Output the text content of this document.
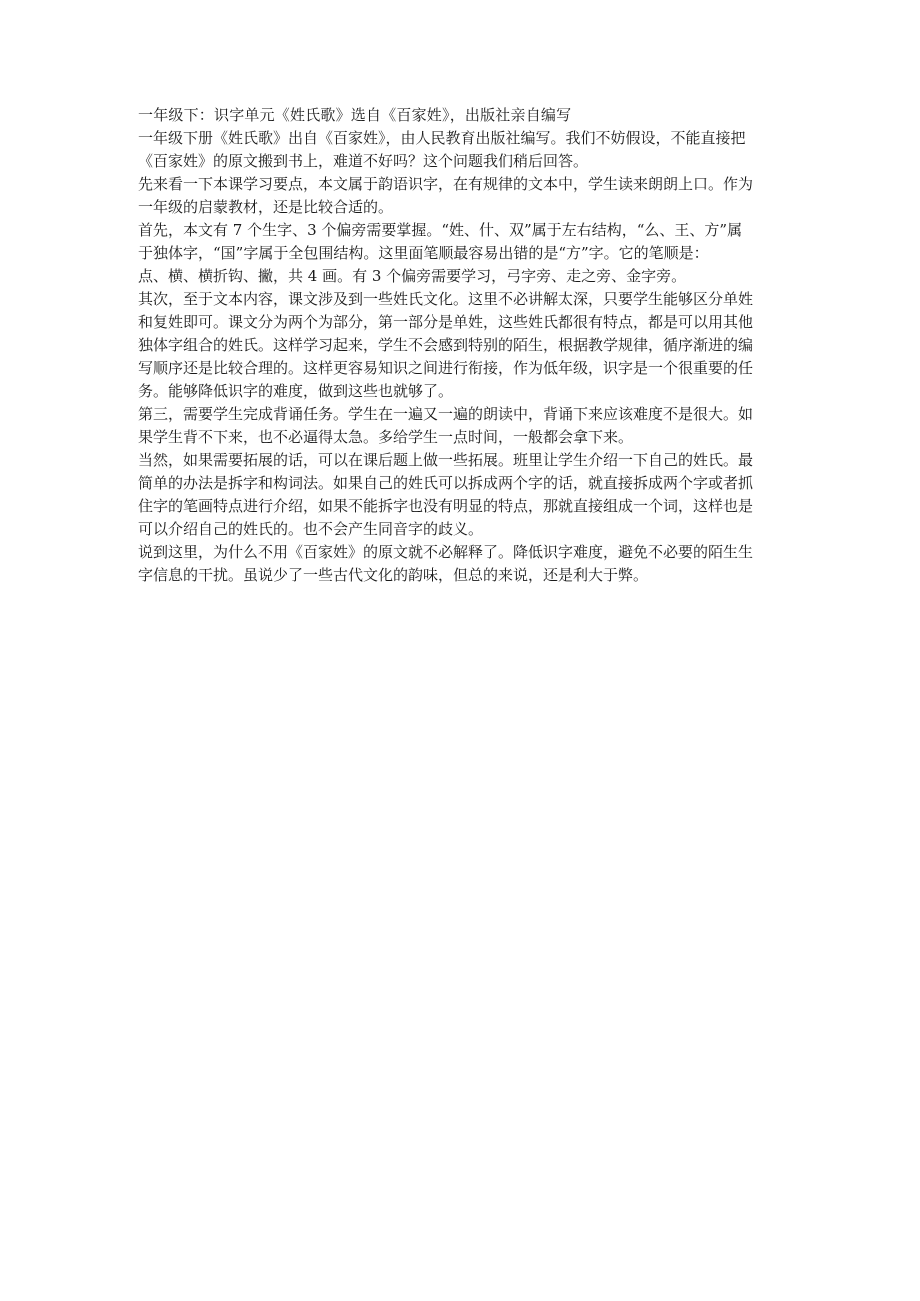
一年级下：识字单元《姓氏歌》选自《百家姓》，出版社亲自编写
一年级下册《姓氏歌》出自《百家姓》，由人民教育出版社编写。我们不妨假设，不能直接把
《百家姓》的原文搬到书上，难道不好吗？这个问题我们稍后回答。
先来看一下本课学习要点，本文属于韵语识字，在有规律的文本中，学生读来朗朗上口。作为
一年级的启蒙教材，还是比较合适的。
首先，本文有 7 个生字、3 个偏旁需要掌握。“姓、什、双”属于左右结构，“么、王、方”属
于独体字，“国”字属于全包围结构。这里面笔顺最容易出错的是“方”字。它的笔顺是：
点、横、横折钩、撇，共 4 画。有 3 个偏旁需要学习，弓字旁、走之旁、金字旁。
其次，至于文本内容，课文涉及到一些姓氏文化。这里不必讲解太深，只要学生能够区分单姓
和复姓即可。课文分为两个为部分，第一部分是单姓，这些姓氏都很有特点，都是可以用其他
独体字组合的姓氏。这样学习起来，学生不会感到特别的陌生，根据教学规律，循序渐进的编
写顺序还是比较合理的。这样更容易知识之间进行衔接，作为低年级，识字是一个很重要的任
务。能够降低识字的难度，做到这些也就够了。
第三，需要学生完成背诵任务。学生在一遍又一遍的朗读中，背诵下来应该难度不是很大。如
果学生背不下来，也不必逼得太急。多给学生一点时间，一般都会拿下来。
当然，如果需要拓展的话，可以在课后题上做一些拓展。班里让学生介绍一下自己的姓氏。最
简单的办法是拆字和构词法。如果自己的姓氏可以拆成两个字的话，就直接拆成两个字或者抓
住字的笔画特点进行介绍，如果不能拆字也没有明显的特点，那就直接组成一个词，这样也是
可以介绍自己的姓氏的。也不会产生同音字的歧义。
说到这里，为什么不用《百家姓》的原文就不必解释了。降低识字难度，避免不必要的陌生生
字信息的干扰。虽说少了一些古代文化的韵味，但总的来说，还是利大于弊。
